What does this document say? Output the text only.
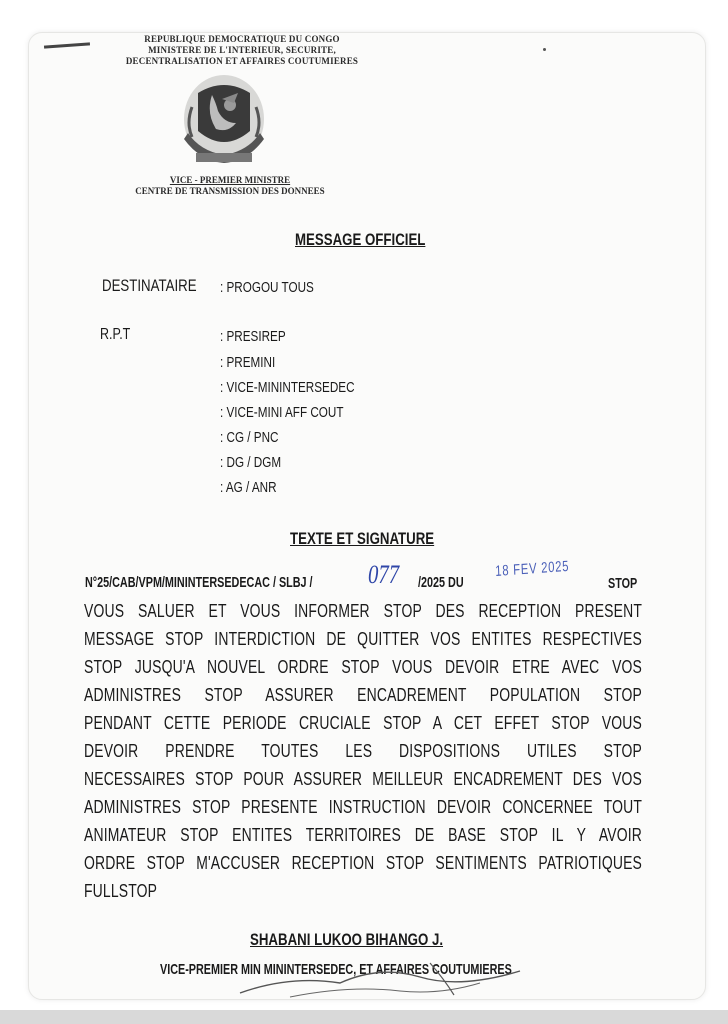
REPUBLIQUE DEMOCRATIQUE DU CONGO
MINISTERE DE L'INTERIEUR, SECURITE,
DECENTRALISATION ET AFFAIRES COUTUMIERES
VICE - PREMIER MINISTRE
CENTRE DE TRANSMISSION DES DONNEES
MESSAGE OFFICIEL
DESTINATAIRE : PROGOU TOUS
R.P.T	: PRESIREP
: PREMINI
: VICE-MININTERSEDEC
: VICE-MINI AFF COUT
: CG / PNC
: DG / DGM
: AG / ANR
TEXTE ET SIGNATURE
N°25/CAB/VPM/MININTERSEDECAC / SLBJ / 077 /2025 DU
18 FEV 2025
STOP
VOUS SALUER ET VOUS INFORMER STOP DES RECEPTION PRESENT
MESSAGE STOP INTERDICTION DE QUITTER VOS ENTITES RESPECTIVES
STOP JUSQU'A NOUVEL ORDRE STOP VOUS DEVOIR ETRE AVEC VOS
ADMINISTRES STOP ASSURER ENCADREMENT POPULATION STOP
PENDANT CETTE PERIODE CRUCIALE STOP A CET EFFET STOP VOUS
DEVOIR PRENDRE TOUTES LES DISPOSITIONS UTILES STOP
NECESSAIRES STOP POUR ASSURER MEILLEUR ENCADREMENT DES VOS
ADMINISTRES STOP PRESENTE INSTRUCTION DEVOIR CONCERNEE TOUT
ANIMATEUR STOP ENTITES TERRITOIRES DE BASE STOP IL Y AVOIR
ORDRE STOP M'ACCUSER RECEPTION STOP SENTIMENTS PATRIOTIQUES
FULLSTOP
SHABANI LUKOO BIHANGO J.
VICE-PREMIER MIN MININTERSEDEC, ET AFFAIRES COUTUMIERES
